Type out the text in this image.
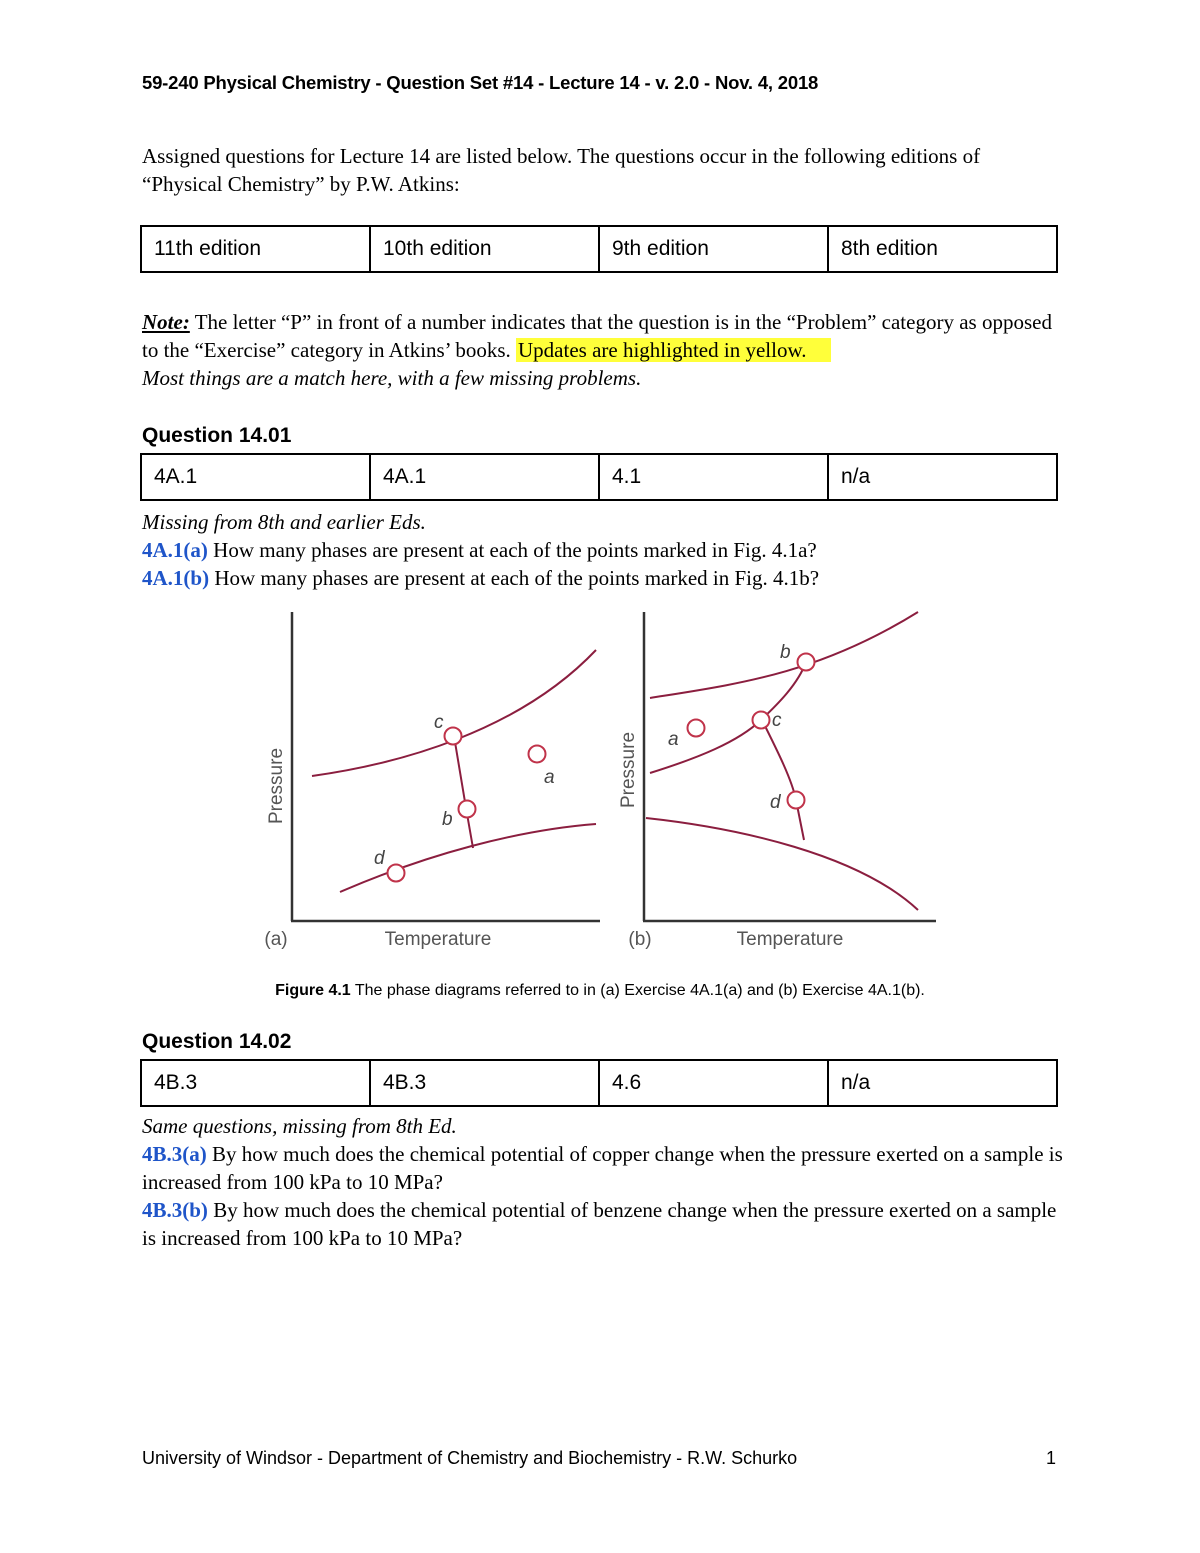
59-240 Physical Chemistry - Question Set #14 - Lecture 14 - v. 2.0 - Nov. 4, 2018
Assigned questions for Lecture 14 are listed below. The questions occur in the following editions of “Physical Chemistry” by P.W. Atkins:
11th edition	10th edition	9th edition	8th edition
Note: The letter “P” in front of a number indicates that the question is in the “Problem” category as opposed to the “Exercise” category in Atkins’ books. Updates are highlighted in yellow.
Most things are a match here, with a few missing problems.
Question 14.01
4A.1	4A.1	4.1	n/a
Missing from 8th and earlier Eds.
4A.1(a) How many phases are present at each of the points marked in Fig. 4.1a?
4A.1(b) How many phases are present at each of the points marked in Fig. 4.1b?
Pressure
Temperature
(a)
a
b
c
d
Pressure
Temperature
(b)
a
b
c
d
Figure 4.1 The phase diagrams referred to in (a) Exercise 4A.1(a) and (b) Exercise 4A.1(b).
Question 14.02
4B.3	4B.3	4.6	n/a
Same questions, missing from 8th Ed.
4B.3(a) By how much does the chemical potential of copper change when the pressure exerted on a sample is increased from 100 kPa to 10 MPa?
4B.3(b) By how much does the chemical potential of benzene change when the pressure exerted on a sample is increased from 100 kPa to 10 MPa?
University of Windsor - Department of Chemistry and Biochemistry - R.W. Schurko	1
